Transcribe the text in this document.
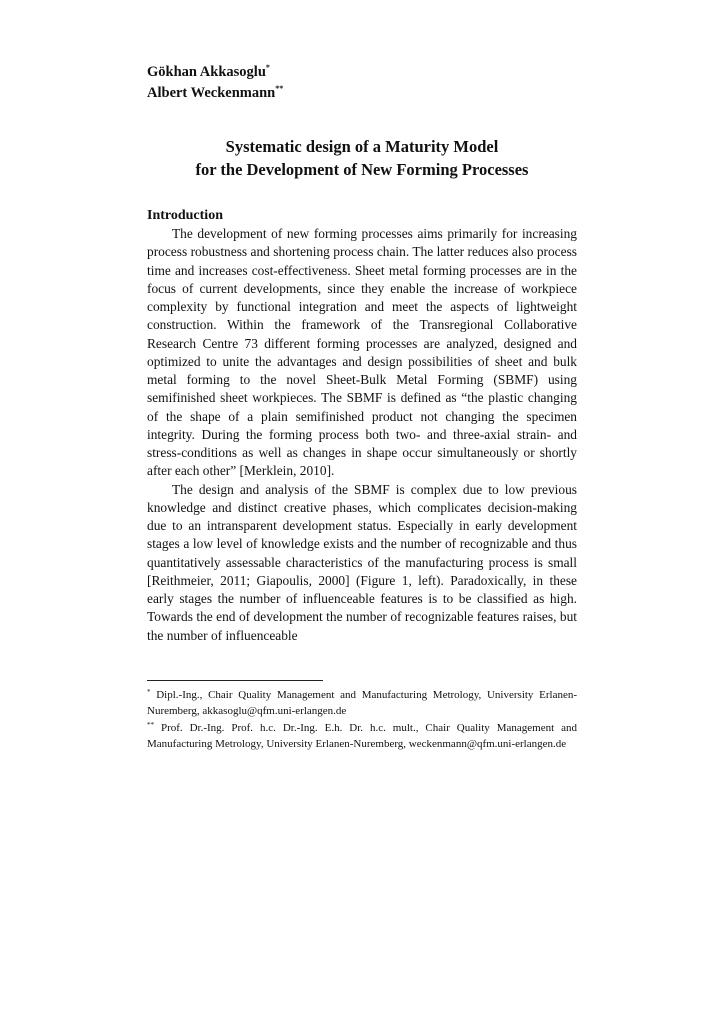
Gökhan Akkasoglu*
Albert Weckenmann**
Systematic design of a Maturity Model
for the Development of New Forming Processes
Introduction

The development of new forming processes aims primarily for increasing process robustness and shortening process chain. The latter reduces also process time and increases cost-effectiveness. Sheet metal forming processes are in the focus of current developments, since they enable the increase of workpiece complexity by functional integration and meet the aspects of lightweight construction. Within the framework of the Transregional Collaborative Research Centre 73 different forming processes are analyzed, designed and optimized to unite the advantages and design possibilities of sheet and bulk metal forming to the novel Sheet-Bulk Metal Forming (SBMF) using semifinished sheet workpieces. The SBMF is defined as “the plastic changing of the shape of a plain semifinished product not changing the specimen integrity. During the forming process both two- and three-axial strain- and stress-conditions as well as changes in shape occur simultaneously or shortly after each other” [Merklein, 2010].

The design and analysis of the SBMF is complex due to low previous knowledge and distinct creative phases, which complicates decision-making due to an intransparent development status. Especially in early development stages a low level of knowledge exists and the number of recognizable and thus quantitatively assessable characteristics of the manufacturing process is small [Reithmeier, 2011; Giapoulis, 2000] (Figure 1, left). Paradoxically, in these early stages the number of influenceable features is to be classified as high. Towards the end of development the number of recognizable features raises, but the number of influenceable

* Dipl.-Ing., Chair Quality Management and Manufacturing Metrology, University Erlanen-Nuremberg, akkasoglu@qfm.uni-erlangen.de

** Prof. Dr.-Ing. Prof. h.c. Dr.-Ing. E.h. Dr. h.c. mult., Chair Quality Management and Manufacturing Metrology, University Erlanen-Nuremberg, weckenmann@qfm.uni-erlangen.de
